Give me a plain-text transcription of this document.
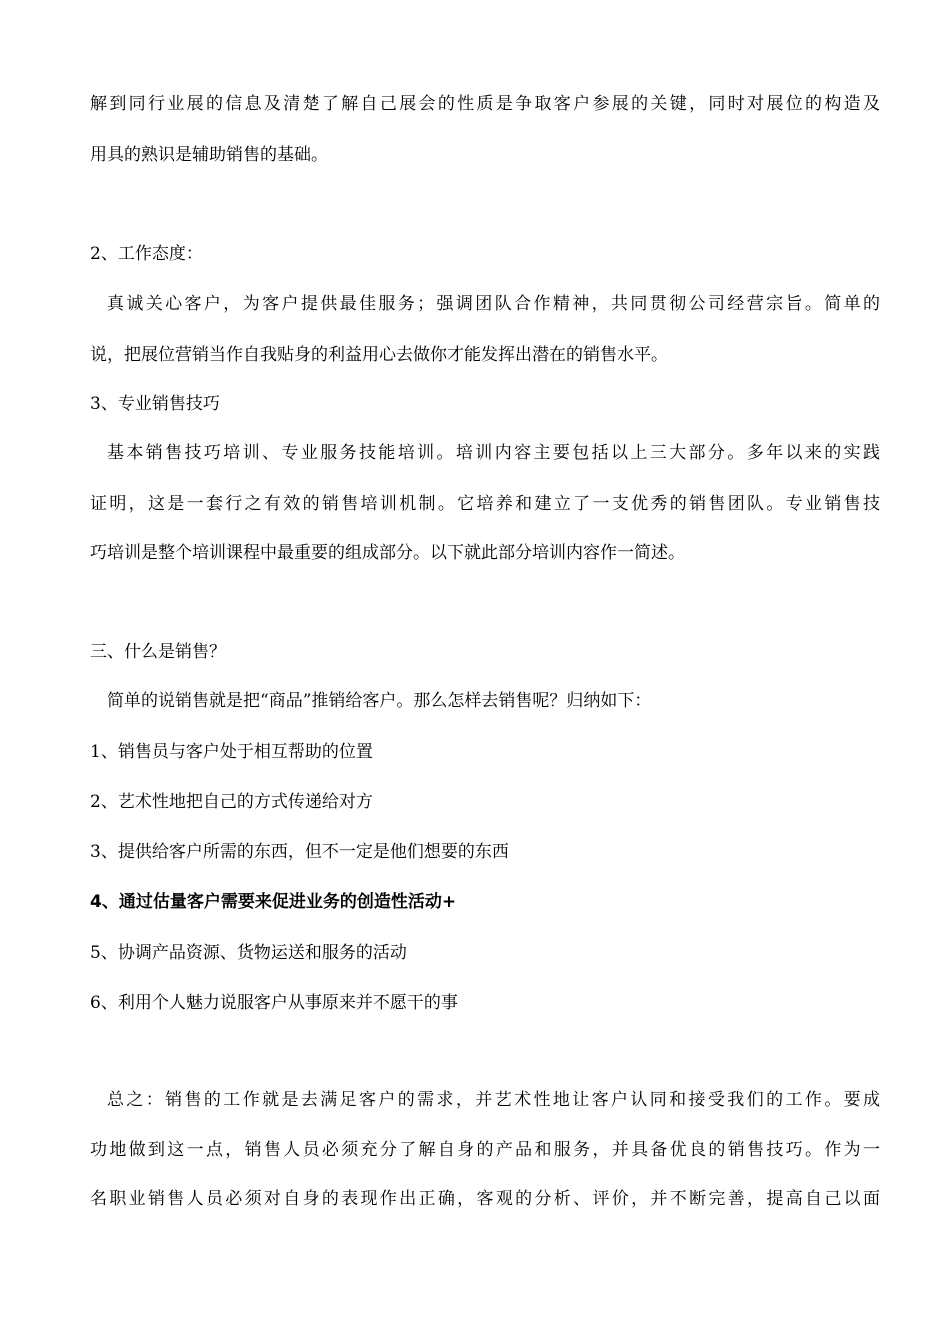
解到同行业展的信息及清楚了解自己展会的性质是争取客户参展的关键，同时对展位的构造及
用具的熟识是辅助销售的基础。
2、工作态度：
真诚关心客户，为客户提供最佳服务；强调团队合作精神，共同贯彻公司经营宗旨。简单的
说，把展位营销当作自我贴身的利益用心去做你才能发挥出潜在的销售水平。
3、专业销售技巧
基本销售技巧培训、专业服务技能培训。培训内容主要包括以上三大部分。多年以来的实践
证明，这是一套行之有效的销售培训机制。它培养和建立了一支优秀的销售团队。专业销售技
巧培训是整个培训课程中最重要的组成部分。以下就此部分培训内容作一简述。
三、什么是销售？
简单的说销售就是把“商品”推销给客户。那么怎样去销售呢？归纳如下：
1、销售员与客户处于相互帮助的位置
2、艺术性地把自己的方式传递给对方
3、提供给客户所需的东西，但不一定是他们想要的东西
4、通过估量客户需要来促进业务的创造性活动+
5、协调产品资源、货物运送和服务的活动
6、利用个人魅力说服客户从事原来并不愿干的事
总之：销售的工作就是去满足客户的需求，并艺术性地让客户认同和接受我们的工作。要成
功地做到这一点，销售人员必须充分了解自身的产品和服务，并具备优良的销售技巧。作为一
名职业销售人员必须对自身的表现作出正确，客观的分析、评价，并不断完善，提高自己以面
